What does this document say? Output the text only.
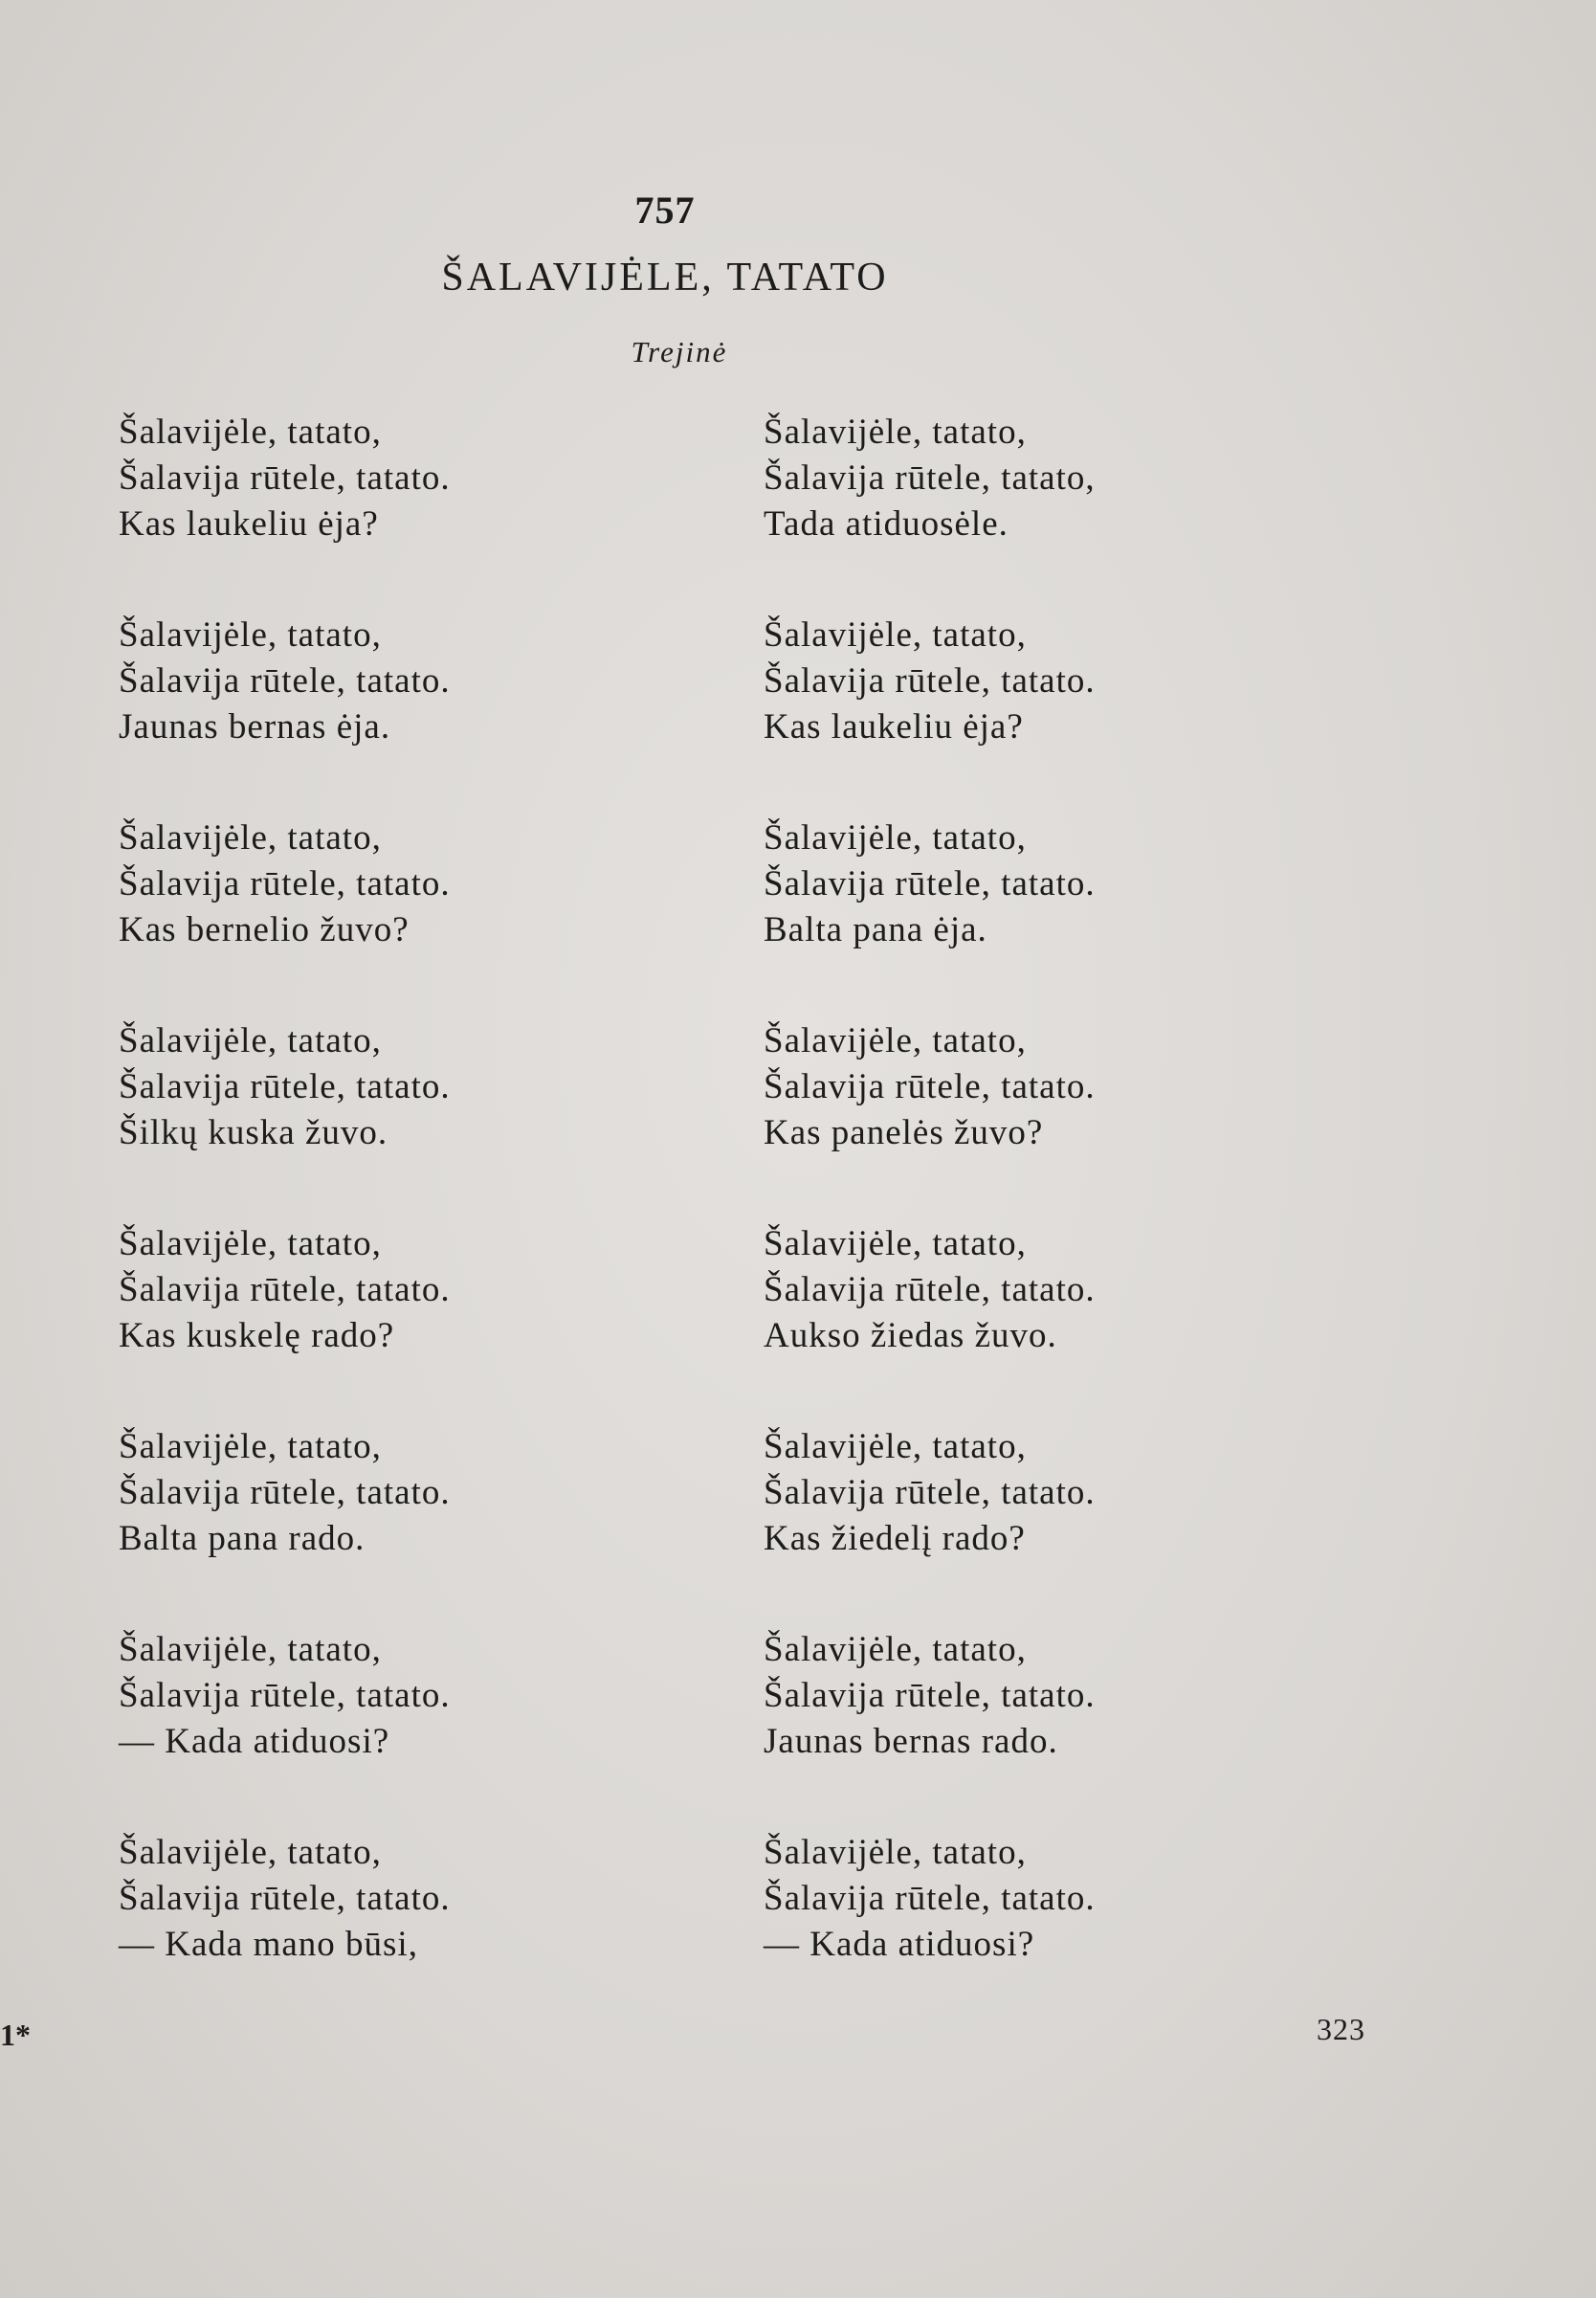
757
ŠALAVIJĖLE, TATATO
Trejinė
Šalavijėle, tatato,
Šalavija rūtele, tatato.
Kas laukeliu ėja?
Šalavijėle, tatato,
Šalavija rūtele, tatato.
Jaunas bernas ėja.
Šalavijėle, tatato,
Šalavija rūtele, tatato.
Kas bernelio žuvo?
Šalavijėle, tatato,
Šalavija rūtele, tatato.
Šilkų kuska žuvo.
Šalavijėle, tatato,
Šalavija rūtele, tatato.
Kas kuskelę rado?
Šalavijėle, tatato,
Šalavija rūtele, tatato.
Balta pana rado.
Šalavijėle, tatato,
Šalavija rūtele, tatato.
— Kada atiduosi?
Šalavijėle, tatato,
Šalavija rūtele, tatato.
— Kada mano būsi,
Šalavijėle, tatato,
Šalavija rūtele, tatato,
Tada atiduosėle.
Šalavijėle, tatato,
Šalavija rūtele, tatato.
Kas laukeliu ėja?
Šalavijėle, tatato,
Šalavija rūtele, tatato.
Balta pana ėja.
Šalavijėle, tatato,
Šalavija rūtele, tatato.
Kas panelės žuvo?
Šalavijėle, tatato,
Šalavija rūtele, tatato.
Aukso žiedas žuvo.
Šalavijėle, tatato,
Šalavija rūtele, tatato.
Kas žiedelį rado?
Šalavijėle, tatato,
Šalavija rūtele, tatato.
Jaunas bernas rado.
Šalavijėle, tatato,
Šalavija rūtele, tatato.
— Kada atiduosi?
1*	323
